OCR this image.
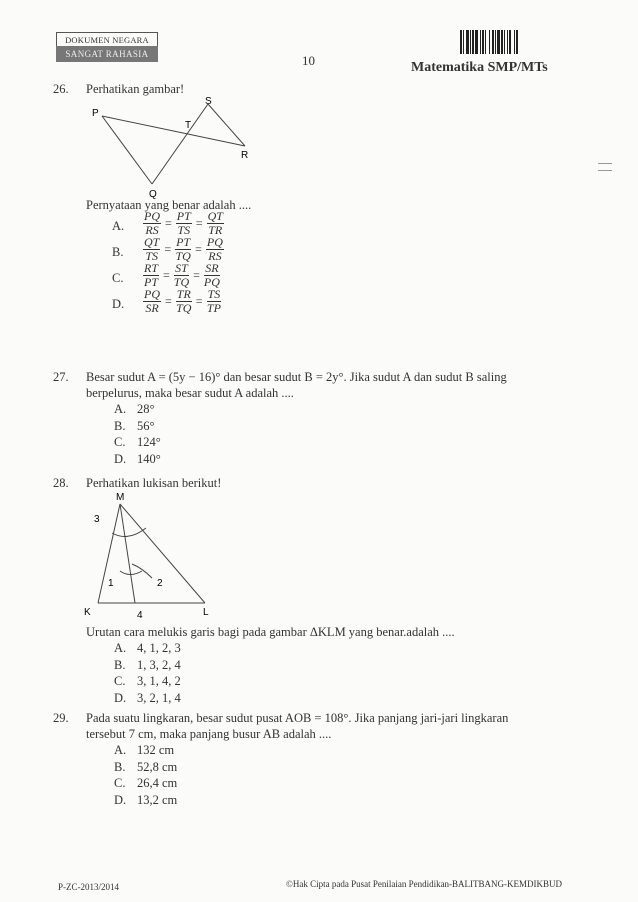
DOKUMEN NEGARA
SANGAT RAHASIA	10	Matematika SMP/MTs
26. Perhatikan gambar!
P
S
T
R
Q
Pernyataan yang benar adalah ....
A. $\frac{PQ}{RS} = \frac{PT}{TS} = \frac{QT}{TR}$
B. $\frac{QT}{TS} = \frac{PT}{TQ} = \frac{PQ}{RS}$
C. $\frac{RT}{PT} = \frac{ST}{TQ} = \frac{SR}{PQ}$
D. $\frac{PQ}{SR} = \frac{TR}{TQ} = \frac{TS}{TP}$
27. Besar sudut A = (5y − 16)° dan besar sudut B = 2y°. Jika sudut A dan sudut B saling
berpelurus, maka besar sudut A adalah ....
A. 28°
B. 56°
C. 124°
D. 140°
28. Perhatikan lukisan berikut!
M
3
1	2
K	4	L
Urutan cara melukis garis bagi pada gambar ΔKLM yang benar.adalah ....
A. 4, 1, 2, 3
B. 1, 3, 2, 4
C. 3, 1, 4, 2
D. 3, 2, 1, 4
29. Pada suatu lingkaran, besar sudut pusat AOB = 108°. Jika panjang jari-jari lingkaran
tersebut 7 cm, maka panjang busur AB adalah ....
A. 132 cm
B. 52,8 cm
C. 26,4 cm
D. 13,2 cm
P-ZC-2013/2014	©Hak Cipta pada Pusat Penilaian Pendidikan-BALITBANG-KEMDIKBUD
